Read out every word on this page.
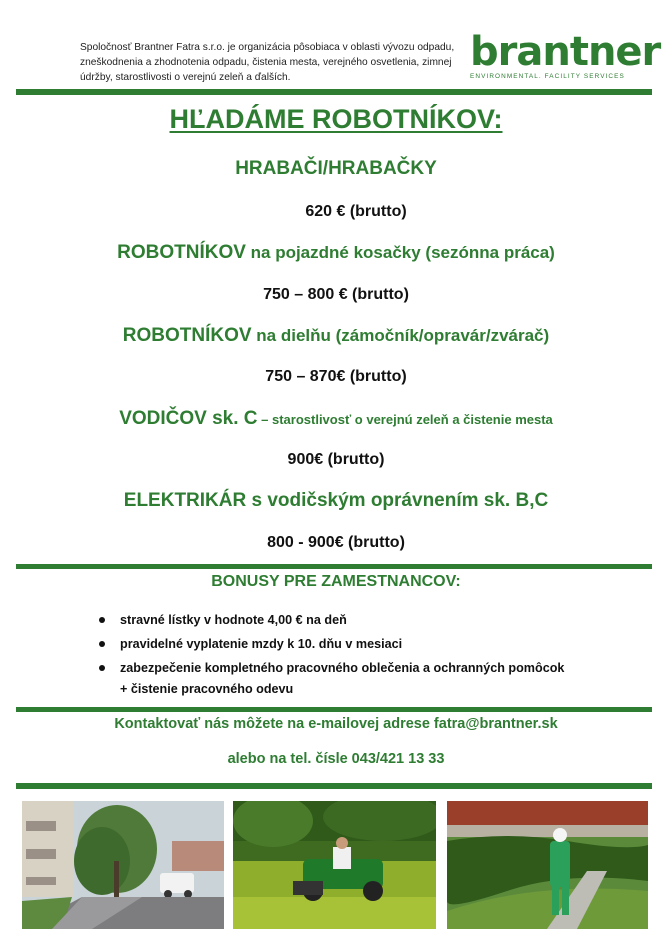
Spoločnosť Brantner Fatra s.r.o. je organizácia pôsobiaca v oblasti vývozu odpadu, zneškodnenia a zhodnotenia odpadu, čistenia mesta, verejného osvetlenia, zimnej údržby, starostlivosti o verejnú zeleň a ďalších.
brantner
ENVIRONMENTAL. FACILITY SERVICES
HĽADÁME ROBOTNÍKOV:
HRABAČI/HRABAČKY
620 € (brutto)
ROBOTNÍKOV na pojazdné kosačky (sezónna práca)
750 – 800 € (brutto)
ROBOTNÍKOV na dielňu (zámočník/opravár/zvárač)
750 – 870€ (brutto)
VODIČOV sk. C – starostlivosť o verejnú zeleň a čistenie mesta
900€ (brutto)
ELEKTRIKÁR s vodičským oprávnením sk. B,C
800 - 900€ (brutto)
BONUSY PRE ZAMESTNANCOV:
stravné lístky v hodnote 4,00 € na deň
pravidelné vyplatenie mzdy k 10. dňu v mesiaci
zabezpečenie kompletného pracovného oblečenia a ochranných pomôcok + čistenie pracovného odevu
Kontaktovať nás môžete na e-mailovej adrese fatra@brantner.sk
alebo na tel. čísle 043/421 13 33
